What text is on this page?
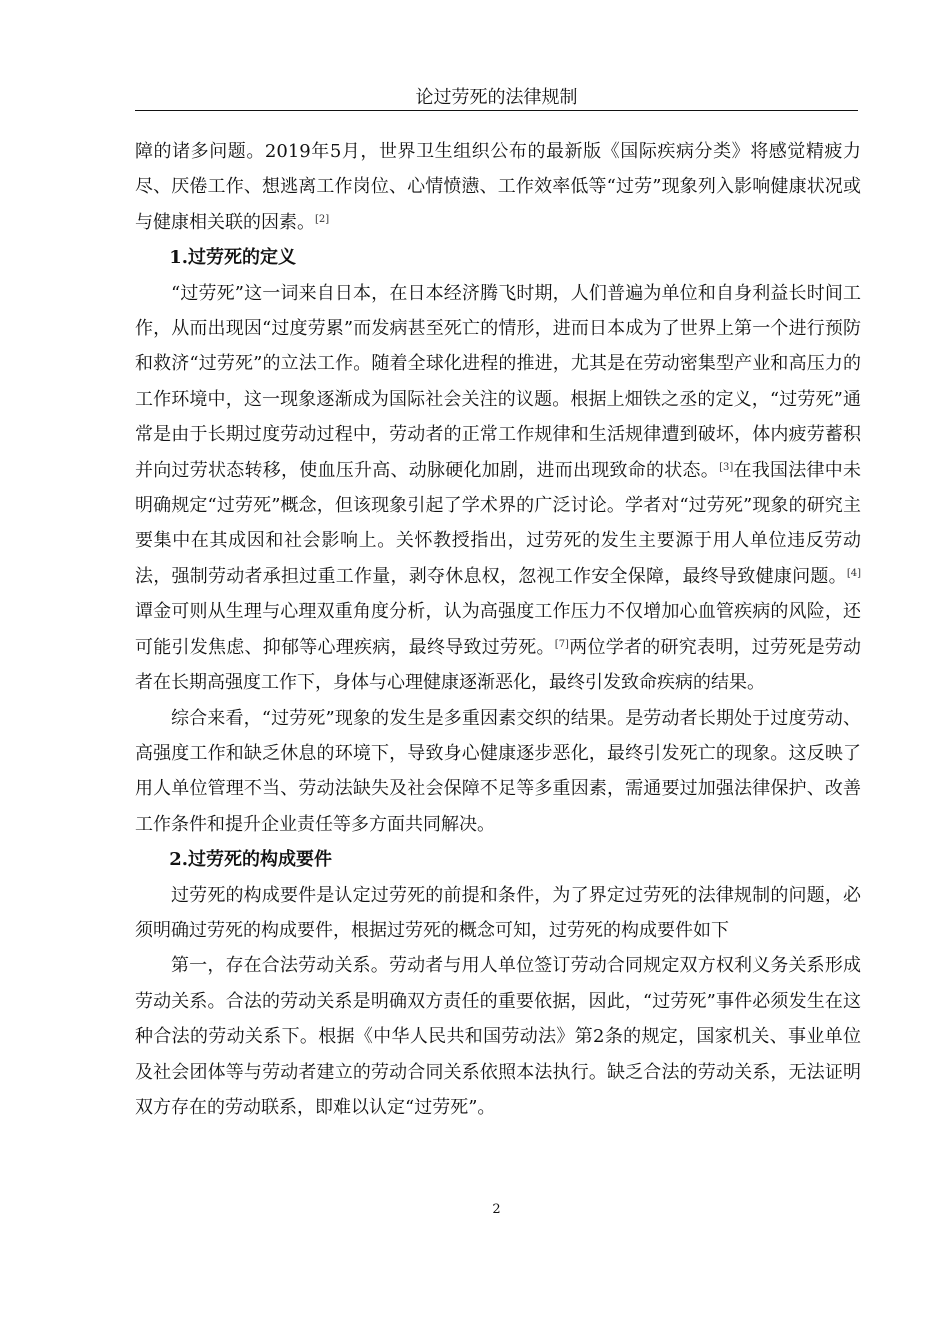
论过劳死的法律规制

障的诸多问题。2019年5月，世界卫生组织公布的最新版《国际疾病分类》将感觉精疲力尽、厌倦工作、想逃离工作岗位、心情愤懑、工作效率低等“过劳”现象列入影响健康状况或与健康相关联的因素。[2]

1.过劳死的定义

“过劳死”这一词来自日本，在日本经济腾飞时期，人们普遍为单位和自身利益长时间工作，从而出现因“过度劳累”而发病甚至死亡的情形，进而日本成为了世界上第一个进行预防和救济“过劳死”的立法工作。随着全球化进程的推进，尤其是在劳动密集型产业和高压力的工作环境中，这一现象逐渐成为国际社会关注的议题。根据上畑铁之丞的定义，“过劳死”通常是由于长期过度劳动过程中，劳动者的正常工作规律和生活规律遭到破坏，体内疲劳蓄积并向过劳状态转移，使血压升高、动脉硬化加剧，进而出现致命的状态。[3]在我国法律中未明确规定“过劳死”概念，但该现象引起了学术界的广泛讨论。学者对“过劳死”现象的研究主要集中在其成因和社会影响上。关怀教授指出，过劳死的发生主要源于用人单位违反劳动法，强制劳动者承担过重工作量，剥夺休息权，忽视工作安全保障，最终导致健康问题。[4]谭金可则从生理与心理双重角度分析，认为高强度工作压力不仅增加心血管疾病的风险，还可能引发焦虑、抑郁等心理疾病，最终导致过劳死。[7]两位学者的研究表明，过劳死是劳动者在长期高强度工作下，身体与心理健康逐渐恶化，最终引发致命疾病的结果。

综合来看，“过劳死”现象的发生是多重因素交织的结果。是劳动者长期处于过度劳动、高强度工作和缺乏休息的环境下，导致身心健康逐步恶化，最终引发死亡的现象。这反映了用人单位管理不当、劳动法缺失及社会保障不足等多重因素，需通要过加强法律保护、改善工作条件和提升企业责任等多方面共同解决。

2.过劳死的构成要件

过劳死的构成要件是认定过劳死的前提和条件，为了界定过劳死的法律规制的问题，必须明确过劳死的构成要件，根据过劳死的概念可知，过劳死的构成要件如下

第一，存在合法劳动关系。劳动者与用人单位签订劳动合同规定双方权利义务关系形成劳动关系。合法的劳动关系是明确双方责任的重要依据，因此，“过劳死”事件必须发生在这种合法的劳动关系下。根据《中华人民共和国劳动法》第2条的规定，国家机关、事业单位及社会团体等与劳动者建立的劳动合同关系依照本法执行。缺乏合法的劳动关系，无法证明双方存在的劳动联系，即难以认定“过劳死”。

2
